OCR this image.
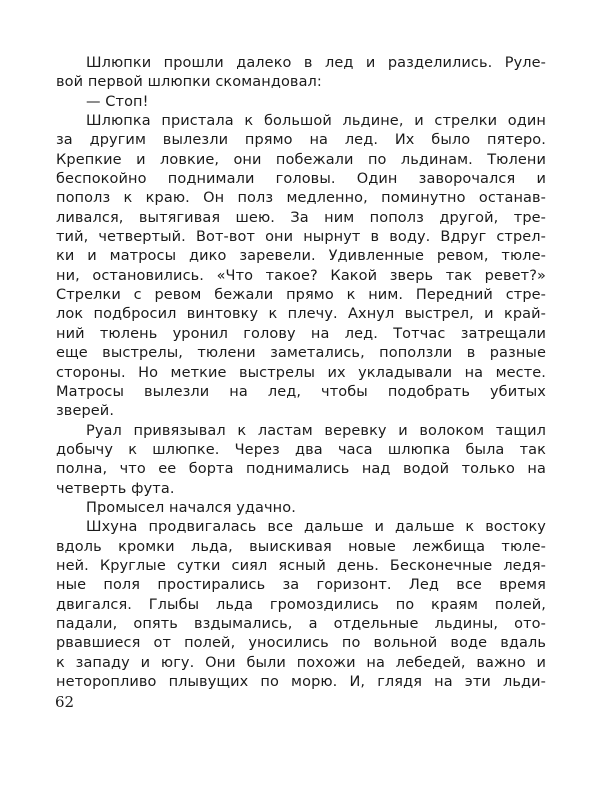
Шлюпки прошли далеко в лед и разделились. Руле-
вой первой шлюпки скомандовал:
— Стоп!
Шлюпка пристала к большой льдине, и стрелки один
за другим вылезли прямо на лед. Их было пятеро.
Крепкие и ловкие, они побежали по льдинам. Тюлени
беспокойно поднимали головы. Один заворочался и
пополз к краю. Он полз медленно, поминутно останав-
ливался, вытягивая шею. За ним пополз другой, тре-
тий, четвертый. Вот-вот они нырнут в воду. Вдруг стрел-
ки и матросы дико заревели. Удивленные ревом, тюле-
ни, остановились. «Что такое? Какой зверь так ревет?»
Стрелки с ревом бежали прямо к ним. Передний стре-
лок подбросил винтовку к плечу. Ахнул выстрел, и край-
ний тюлень уронил голову на лед. Тотчас затрещали
еще выстрелы, тюлени заметались, поползли в разные
стороны. Но меткие выстрелы их укладывали на месте.
Матросы вылезли на лед, чтобы подобрать убитых
зверей.
Руал привязывал к ластам веревку и волоком тащил
добычу к шлюпке. Через два часа шлюпка была так
полна, что ее борта поднимались над водой только на
четверть фута.
Промысел начался удачно.
Шхуна продвигалась все дальше и дальше к востоку
вдоль кромки льда, выискивая новые лежбища тюле-
ней. Круглые сутки сиял ясный день. Бесконечные ледя-
ные поля простирались за горизонт. Лед все время
двигался. Глыбы льда громоздились по краям полей,
падали, опять вздымались, а отдельные льдины, ото-
рвавшиеся от полей, уносились по вольной воде вдаль
к западу и югу. Они были похожи на лебедей, важно и
неторопливо плывущих по морю. И, глядя на эти льди-
62
